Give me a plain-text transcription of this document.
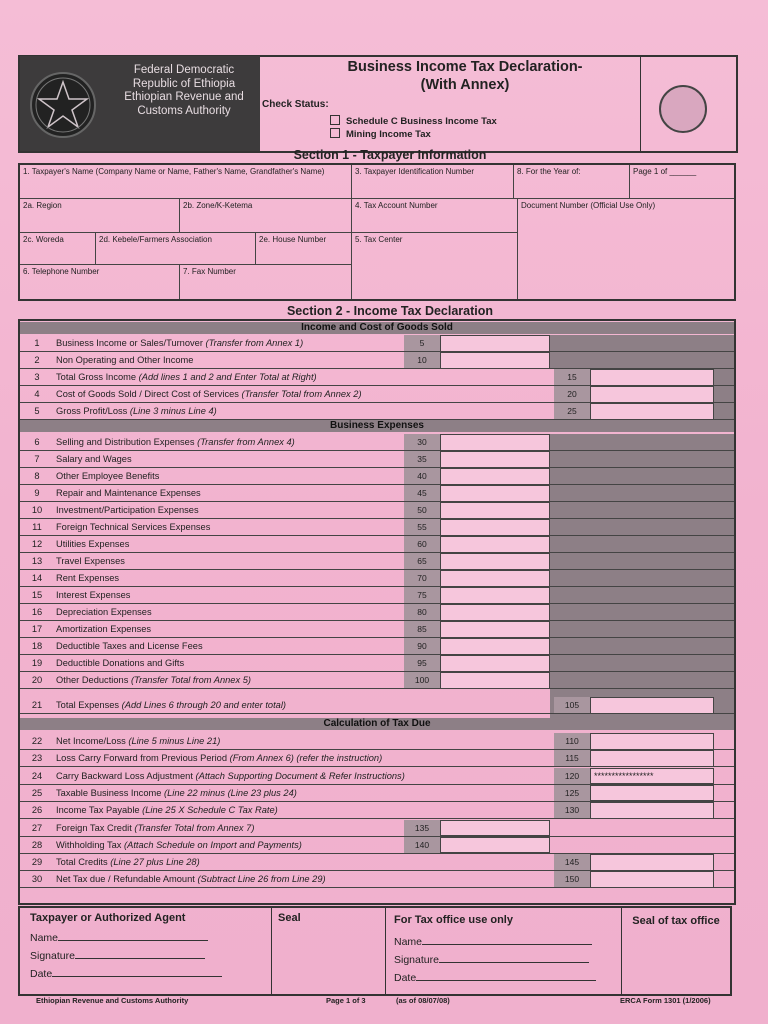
Federal Democratic Republic of Ethiopia Ethiopian Revenue and Customs Authority
Business Income Tax Declaration-
(With Annex)
Check Status:
Schedule C Business Income Tax
Mining Income Tax
Section 1 - Taxpayer Information
1. Taxpayer's Name (Company Name or Name, Father's Name, Grandfather's Name)	3. Taxpayer Identification Number	8. For the Year of:	Page 1 of ______
2a. Region	2b. Zone/K-Ketema	4. Tax Account Number	Document Number (Official Use Only)
2c. Woreda	2d. Kebele/Farmers Association	2e. House Number	5. Tax Center
6. Telephone Number	7. Fax Number
Section 2 - Income Tax Declaration
Income and Cost of Goods Sold
Business Expenses
Calculation of Tax Due
1	Business Income or Sales/Turnover (Transfer from Annex 1)	5
2	Non Operating and Other Income	10
3	Total Gross Income (Add lines 1 and 2 and Enter Total at Right)	15
4	Cost of Goods Sold / Direct Cost of Services (Transfer Total from Annex 2)	20
5	Gross Profit/Loss (Line 3 minus Line 4)	25
6	Selling and Distribution Expenses (Transfer from Annex 4)	30
7	Salary and Wages	35
8	Other Employee Benefits	40
9	Repair and Maintenance Expenses	45
10	Investment/Participation Expenses	50
11	Foreign Technical Services Expenses	55
12	Utilities Expenses	60
13	Travel Expenses	65
14	Rent Expenses	70
15	Interest Expenses	75
16	Depreciation Expenses	80
17	Amortization Expenses	85
18	Deductible Taxes and License Fees	90
19	Deductible Donations and Gifts	95
20	Other Deductions (Transfer Total from Annex 5)	100
21	Total Expenses (Add Lines 6 through 20 and enter total)	105
22	Net Income/Loss (Line 5 minus Line 21)	110
23	Loss Carry Forward from Previous Period (From Annex 6) (refer the instruction)	115
24	Carry Backward Loss Adjustment (Attach Supporting Document & Refer Instructions)	120	*****************
25	Taxable Business Income (Line 22 minus (Line 23 plus 24)	125
26	Income Tax Payable (Line 25 X Schedule C Tax Rate)	130
27	Foreign Tax Credit (Transfer Total from Annex 7)	135
28	Withholding Tax (Attach Schedule on Import and Payments)	140
29	Total Credits (Line 27 plus Line 28)	145
30	Net Tax due / Refundable Amount (Subtract Line 26 from Line 29)	150
Taxpayer or Authorized Agent
Name
Signature
Date
Seal	For Tax office use only
Name
Signature
Date
Seal of tax office
Ethiopian Revenue and Customs Authority	Page 1 of 3	(as of 08/07/08)	ERCA Form 1301 (1/2006)
